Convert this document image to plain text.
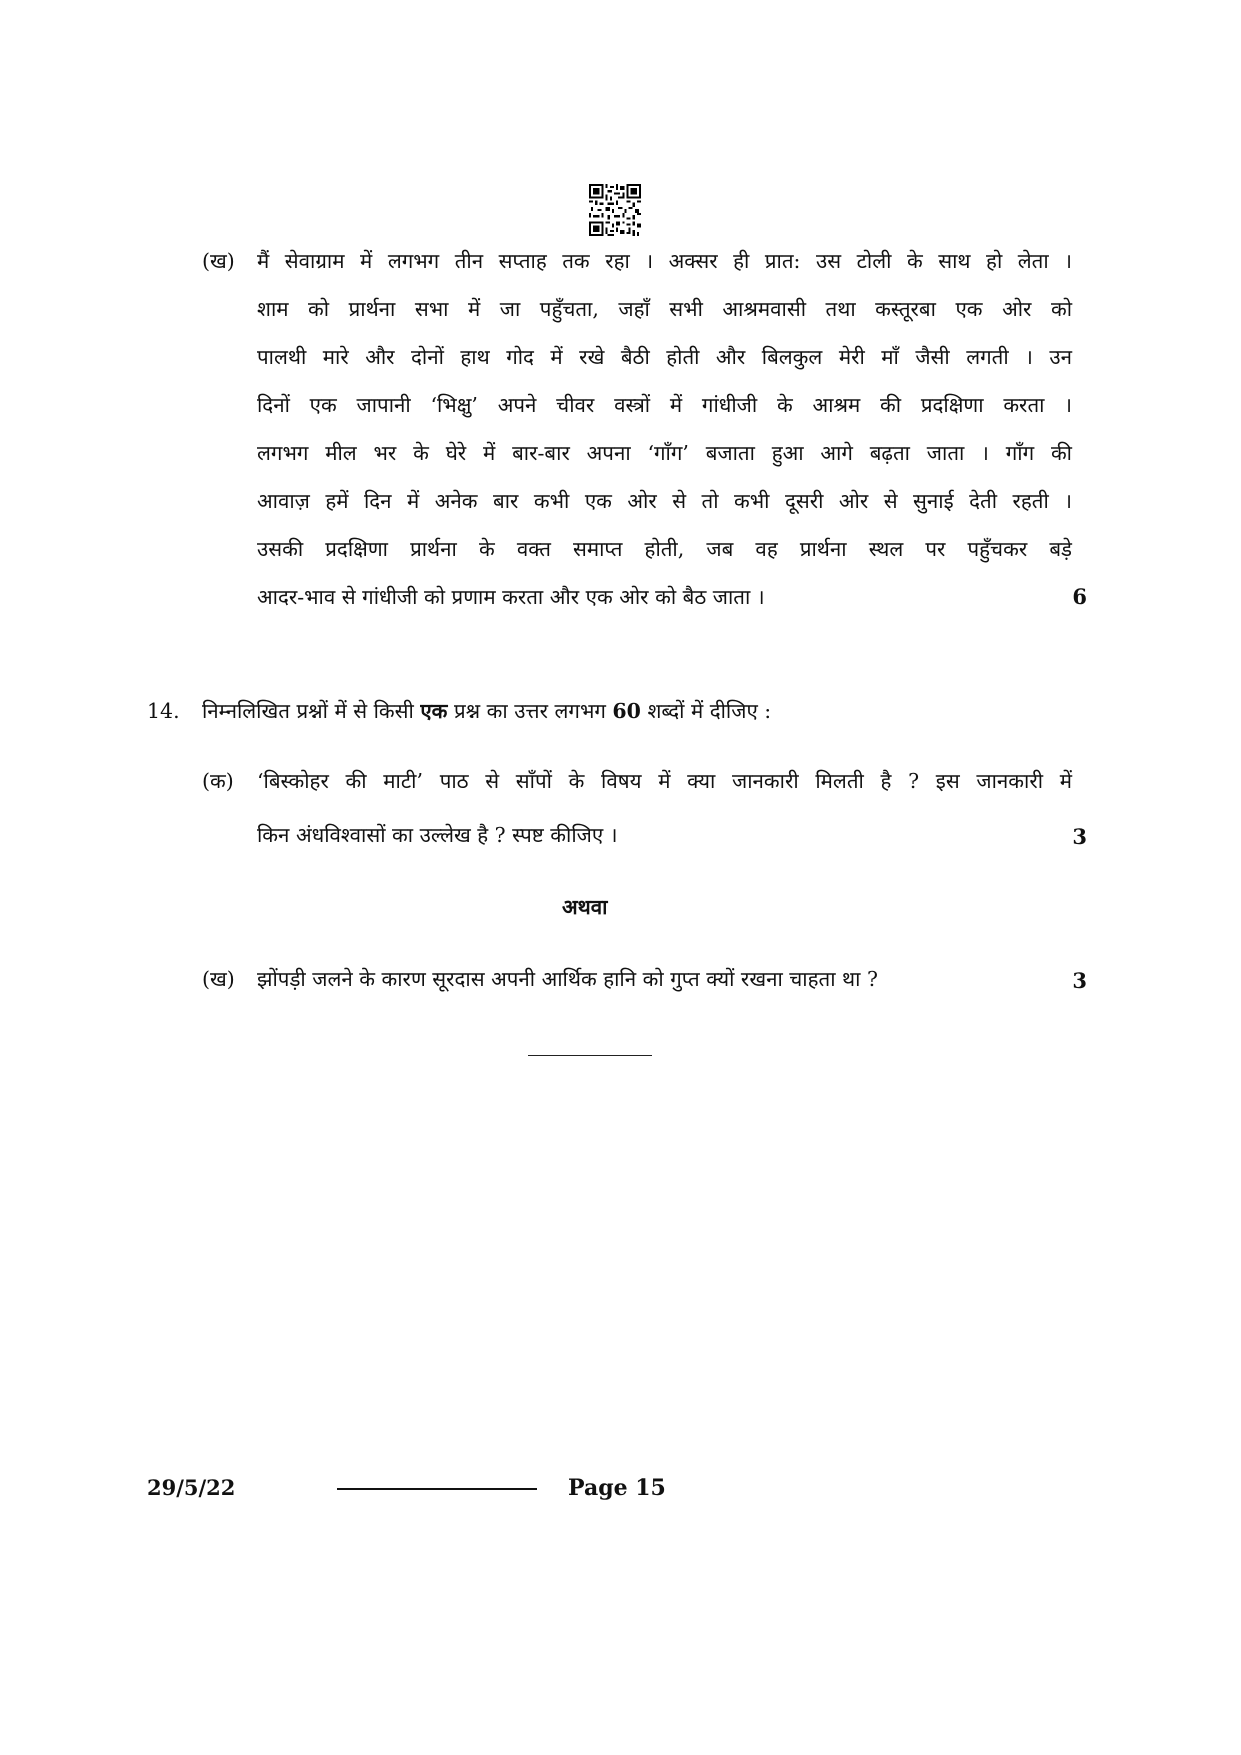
(ख) मैं सेवाग्राम में लगभग तीन सप्ताह तक रहा । अक्सर ही प्रात: उस टोली के साथ हो लेता ।
शाम को प्रार्थना सभा में जा पहुँचता, जहाँ सभी आश्रमवासी तथा कस्तूरबा एक ओर को
पालथी मारे और दोनों हाथ गोद में रखे बैठी होती और बिलकुल मेरी माँ जैसी लगती । उन
दिनों एक जापानी ‘भिक्षु’ अपने चीवर वस्त्रों में गांधीजी के आश्रम की प्रदक्षिणा करता ।
लगभग मील भर के घेरे में बार-बार अपना ‘गाँग’ बजाता हुआ आगे बढ़ता जाता । गाँग की
आवाज़ हमें दिन में अनेक बार कभी एक ओर से तो कभी दूसरी ओर से सुनाई देती रहती ।
उसकी प्रदक्षिणा प्रार्थना के वक्त समाप्त होती, जब वह प्रार्थना स्थल पर पहुँचकर बड़े
आदर-भाव से गांधीजी को प्रणाम करता और एक ओर को बैठ जाता ।	6
14. निम्नलिखित प्रश्नों में से किसी एक प्रश्न का उत्तर लगभग 60 शब्दों में दीजिए :
(क) ‘बिस्कोहर की माटी’ पाठ से साँपों के विषय में क्या जानकारी मिलती है ? इस जानकारी में
किन अंधविश्वासों का उल्लेख है ? स्पष्ट कीजिए ।	3
अथवा
(ख) झोंपड़ी जलने के कारण सूरदास अपनी आर्थिक हानि को गुप्त क्यों रखना चाहता था ?	3
29/5/22	Page 15
